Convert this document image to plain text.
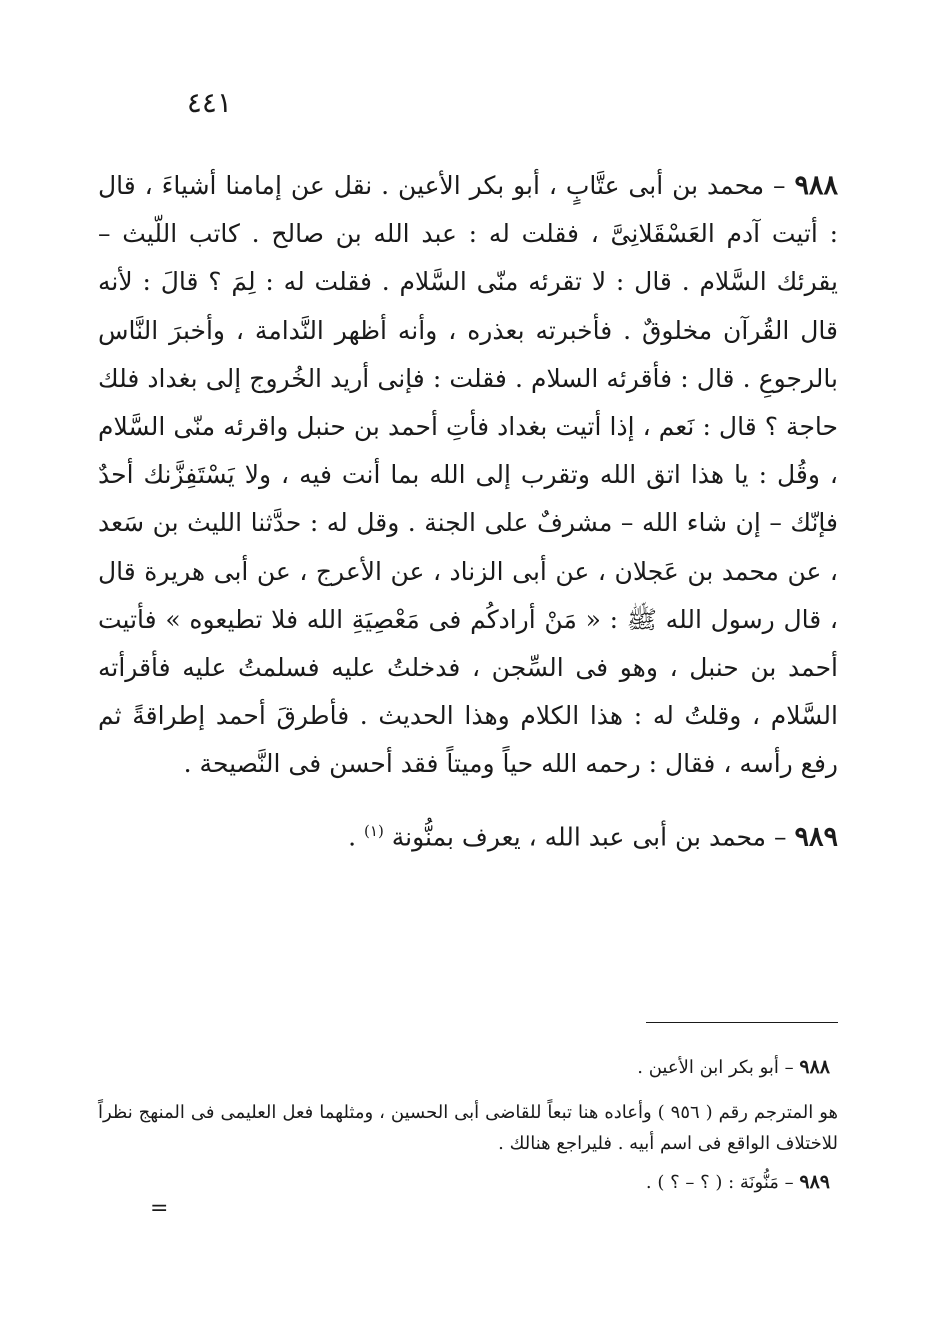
٤٤١

٩٨٨ – محمد بن أبى عتَّابٍ ، أبو بكر الأعين . نقل عن إمامنا أشياءَ ، قال : أتيت آدم العَسْقَلانِىَّ ، فقلت له : عبد الله بن صالح . كاتب اللّيث – يقرئك السَّلام . قال : لا تقرئه منّى السَّلام . فقلت له : لِمَ ؟ قالَ : لأنه قال القُرآن مخلوقٌ . فأخبرته بعذره ، وأنه أظهر النَّدامة ، وأخبرَ النَّاس بالرجوعِ . قال : فأقرئه السلام . فقلت : فإنى أريد الخُروج إلى بغداد فلك حاجة ؟ قال : نَعم ، إذا أتيت بغداد فأتِ أحمد بن حنبل واقرئه منّى السَّلام ، وقُل : يا هذا اتق الله وتقرب إلى الله بما أنت فيه ، ولا يَسْتَفِزَّنك أحدٌ فإنّك – إن شاء الله – مشرفٌ على الجنة . وقل له : حدَّثنا الليث بن سَعد ، عن محمد بن عَجلان ، عن أبى الزناد ، عن الأعرج ، عن أبى هريرة قال ، قال رسول الله ﷺ : « مَنْ أرادكُم فى مَعْصِيَةِ الله فلا تطيعوه » فأتيت أحمد بن حنبل ، وهو فى السِّجن ، فدخلتُ عليه فسلمتُ عليه فأقرأته السَّلام ، وقلتُ له : هذا الكلام وهذا الحديث . فأطرقَ أحمد إطراقةً ثم رفع رأسه ، فقال : رحمه الله حياً وميتاً فقد أحسن فى النَّصيحة .

٩٨٩ – محمد بن أبى عبد الله ، يعرف بمنُّونة $^{(١)}$ .

٩٨٨ – أبو بكر ابن الأعين .

هو المترجم رقم ( ٩٥٦ ) وأعاده هنا تبعاً للقاضى أبى الحسين ، ومثلهما فعل العليمى فى المنهج نظراً للاختلاف الواقع فى اسم أبيه . فليراجع هنالك .

٩٨٩ – مَنُّونَة : ( ؟ – ؟ ) .

=
